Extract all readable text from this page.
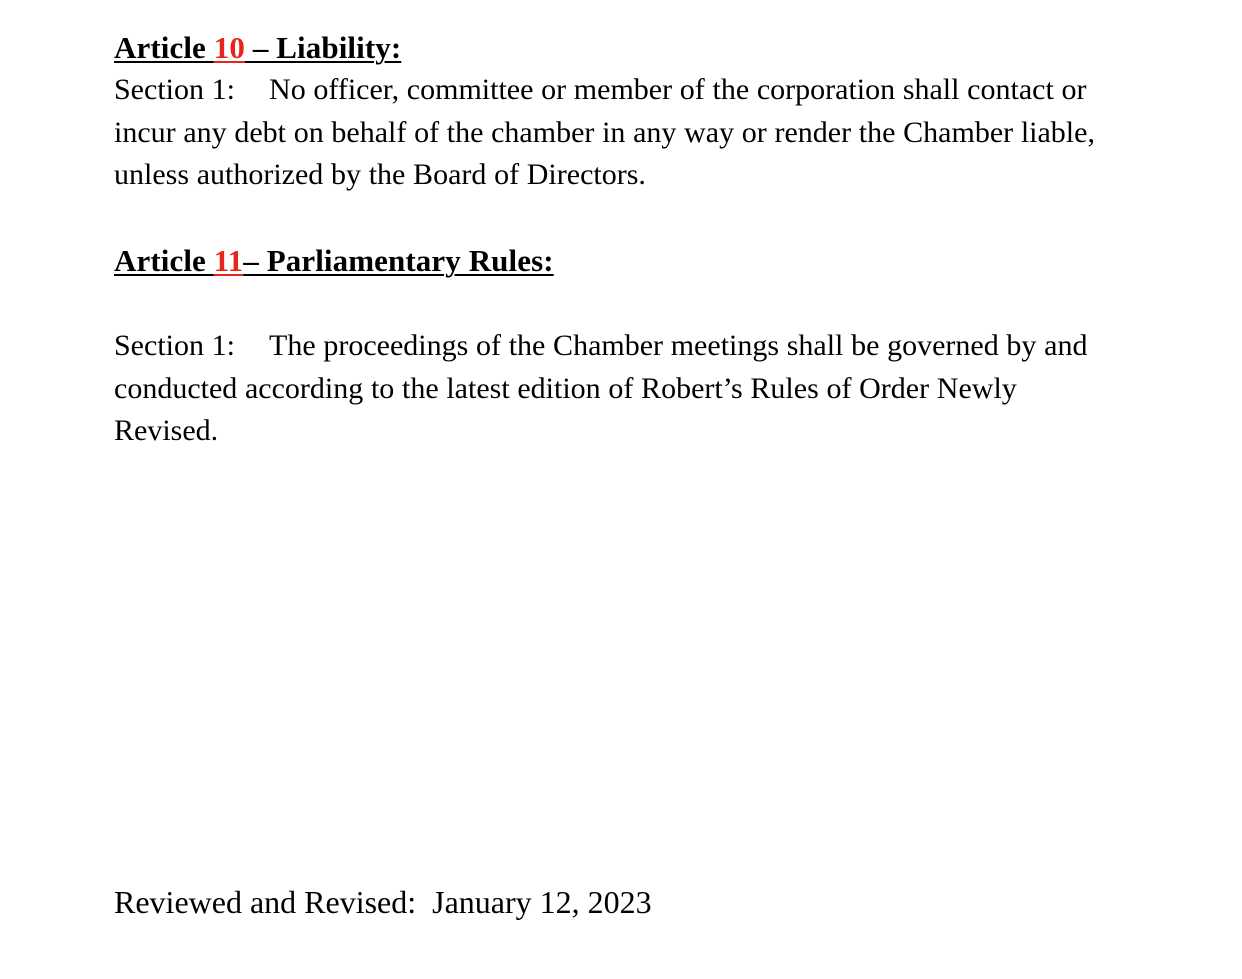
Article 10 – Liability:

Section 1: No officer, committee or member of the corporation shall contact or incur any debt on behalf of the chamber in any way or render the Chamber liable, unless authorized by the Board of Directors.

Article 11– Parliamentary Rules:

Section 1: The proceedings of the Chamber meetings shall be governed by and conducted according to the latest edition of Robert’s Rules of Order Newly Revised.

Reviewed and Revised:  January 12, 2023
